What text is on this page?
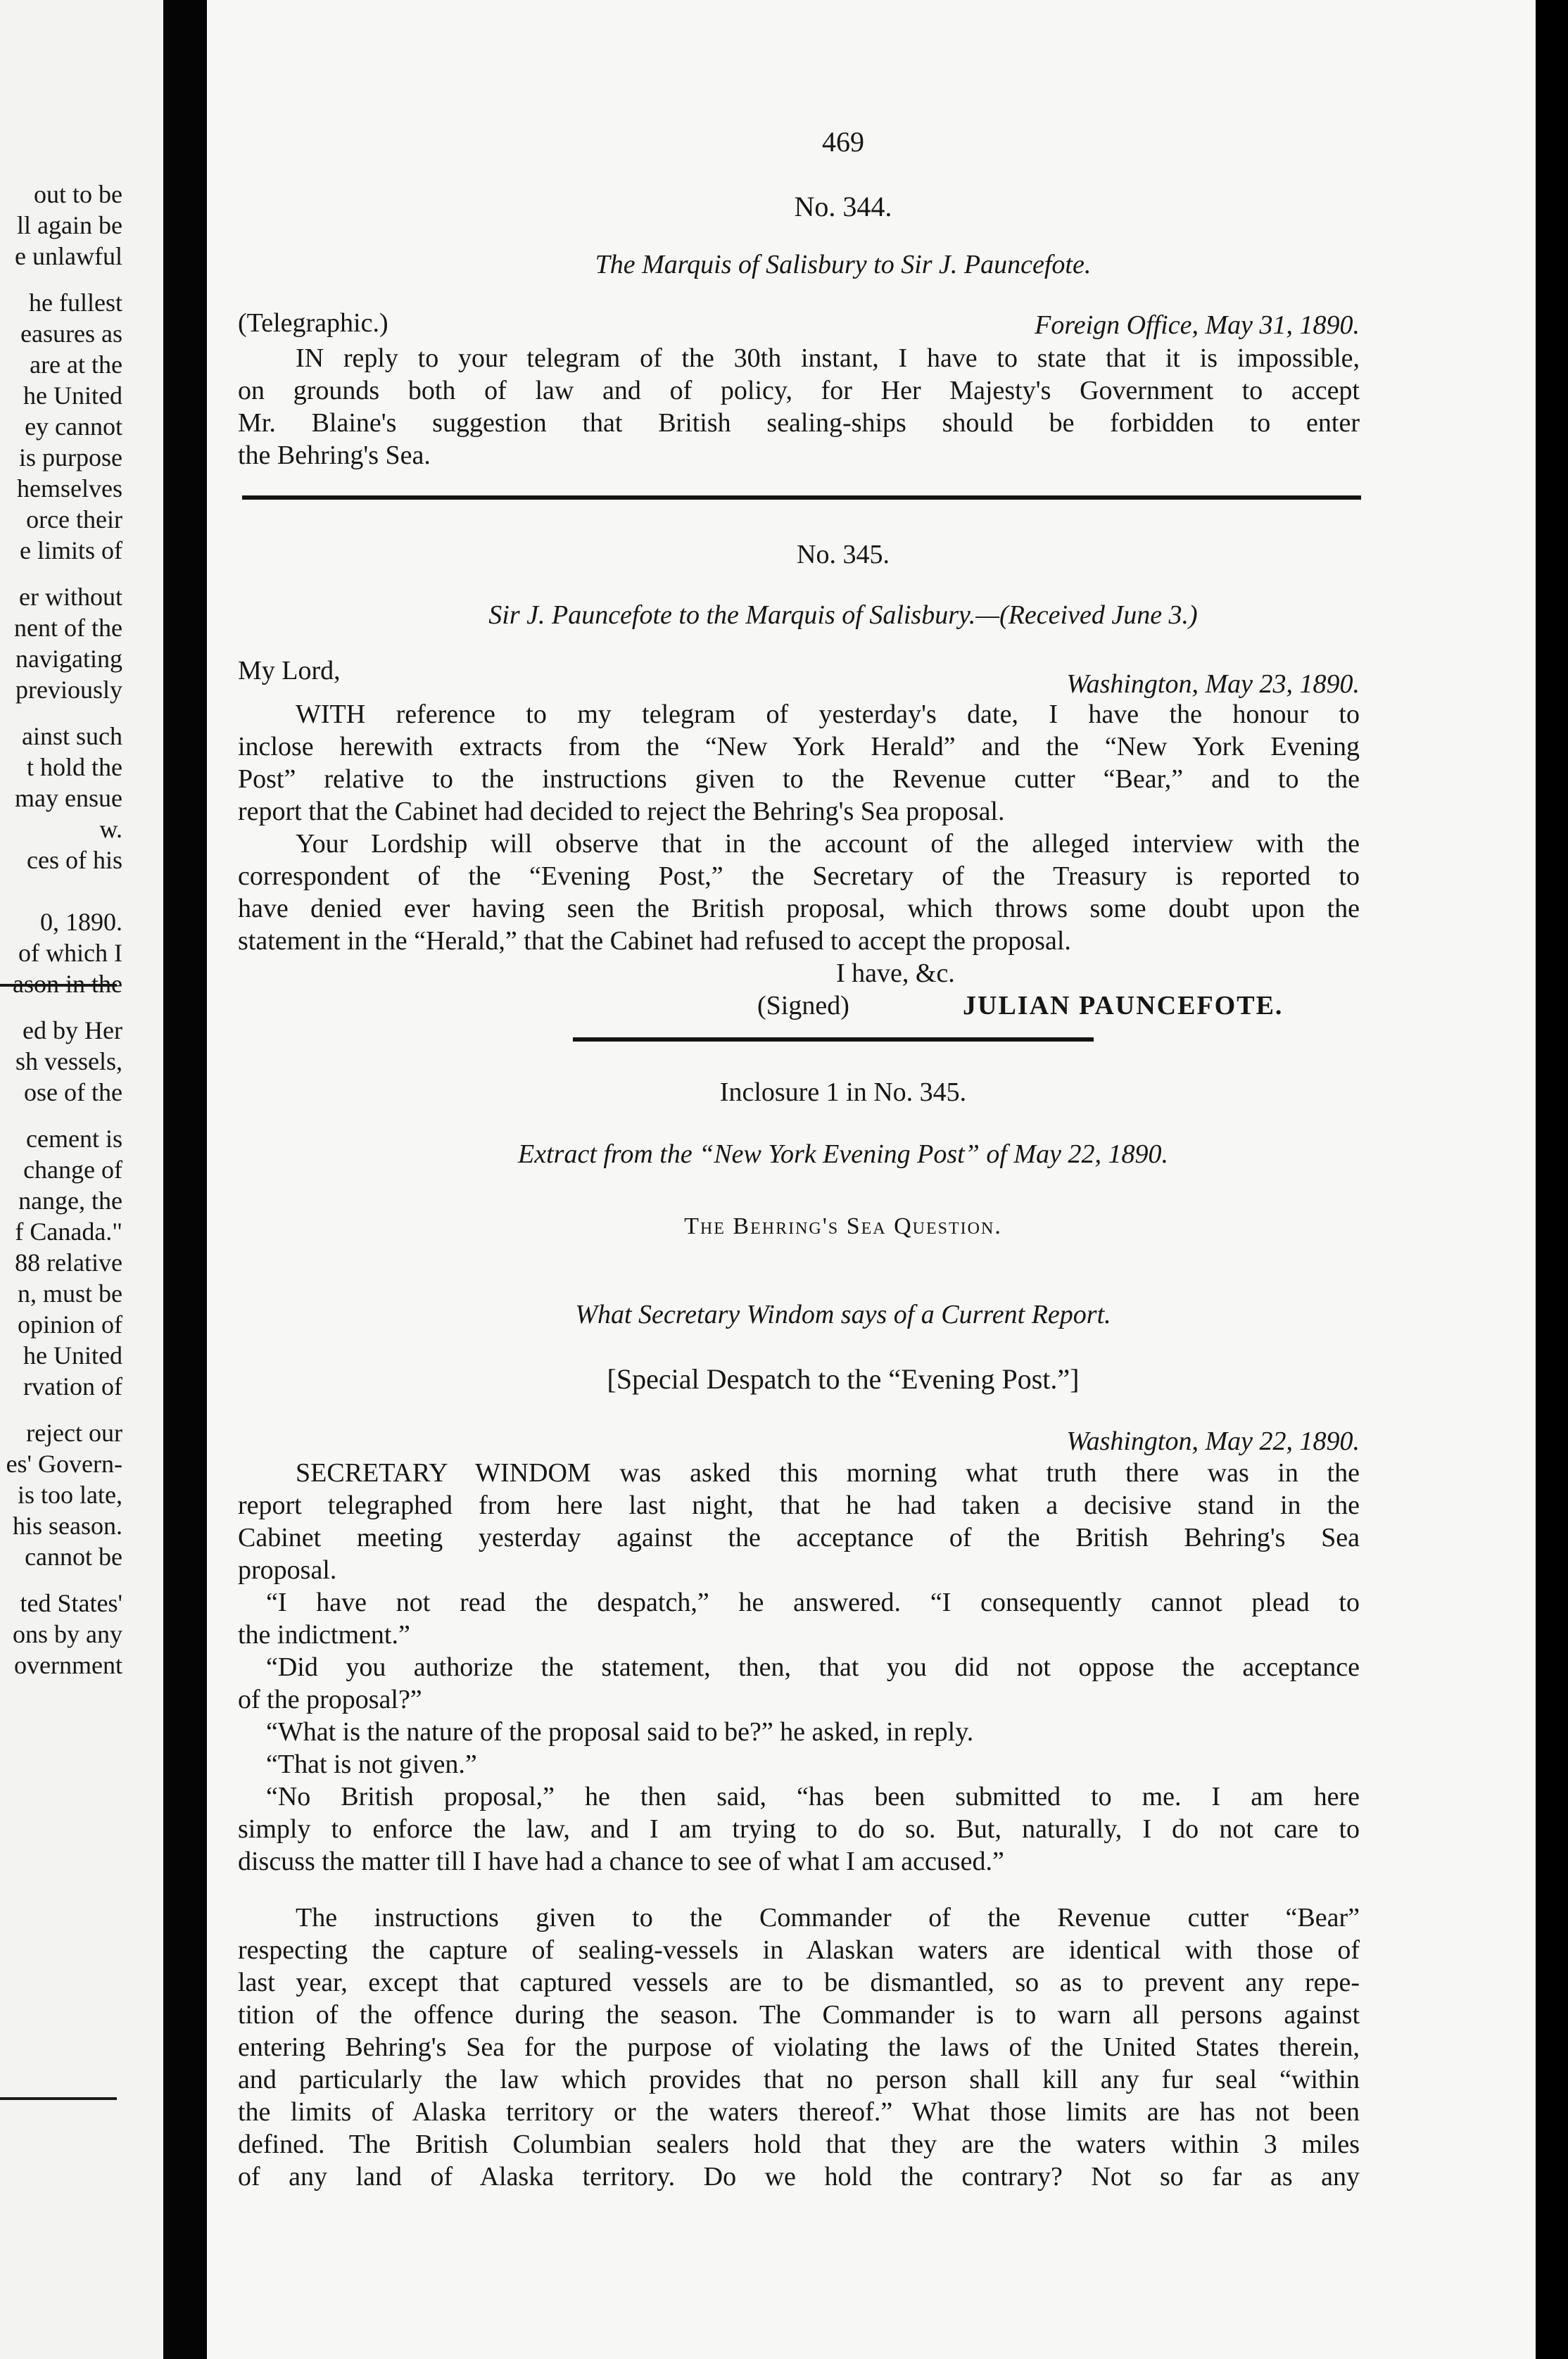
out to be
ll again be
e unlawful
he fullest
easures as
are at the
he United
ey cannot
is purpose
hemselves
orce their
e limits of
er without
nent of the
navigating
previously
ainst such
t hold the
may ensue
w.
ces of his
0, 1890.
of which I
ason in the
ed by Her
sh vessels,
ose of the
cement is
change of
nange, the
f Canada."
88 relative
n, must be
opinion of
he United
rvation of
reject our
es' Govern-
is too late,
his season.
cannot be
ted States'
ons by any
overnment
469
No. 344.
The Marquis of Salisbury to Sir J. Pauncefote.
(Telegraphic.)	Foreign Office, May 31, 1890.
IN reply to your telegram of the 30th instant, I have to state that it is impossible,
on grounds both of law and of policy, for Her Majesty's Government to accept
Mr. Blaine's suggestion that British sealing-ships should be forbidden to enter
the Behring's Sea.
No. 345.
Sir J. Pauncefote to the Marquis of Salisbury.—(Received June 3.)
My Lord,	Washington, May 23, 1890.
WITH reference to my telegram of yesterday's date, I have the honour to
inclose herewith extracts from the “New York Herald” and the “New York Evening
Post” relative to the instructions given to the Revenue cutter “Bear,” and to the
report that the Cabinet had decided to reject the Behring's Sea proposal.
Your Lordship will observe that in the account of the alleged interview with the
correspondent of the “Evening Post,” the Secretary of the Treasury is reported to
have denied ever having seen the British proposal, which throws some doubt upon the
statement in the “Herald,” that the Cabinet had refused to accept the proposal.
I have, &c.
(Signed)	JULIAN PAUNCEFOTE.
Inclosure 1 in No. 345.
Extract from the “New York Evening Post” of May 22, 1890.
The Behring's Sea Question.
What Secretary Windom says of a Current Report.
[Special Despatch to the “Evening Post.”]
Washington, May 22, 1890.
SECRETARY WINDOM was asked this morning what truth there was in the
report telegraphed from here last night, that he had taken a decisive stand in the
Cabinet meeting yesterday against the acceptance of the British Behring's Sea
proposal.
“I have not read the despatch,” he answered. “I consequently cannot plead to
the indictment.”
“Did you authorize the statement, then, that you did not oppose the acceptance
of the proposal?”
“What is the nature of the proposal said to be?” he asked, in reply.
“That is not given.”
“No British proposal,” he then said, “has been submitted to me. I am here
simply to enforce the law, and I am trying to do so. But, naturally, I do not care to
discuss the matter till I have had a chance to see of what I am accused.”
The instructions given to the Commander of the Revenue cutter “Bear”
respecting the capture of sealing-vessels in Alaskan waters are identical with those of
last year, except that captured vessels are to be dismantled, so as to prevent any repe-
tition of the offence during the season. The Commander is to warn all persons against
entering Behring's Sea for the purpose of violating the laws of the United States therein,
and particularly the law which provides that no person shall kill any fur seal “within
the limits of Alaska territory or the waters thereof.” What those limits are has not been
defined. The British Columbian sealers hold that they are the waters within 3 miles
of any land of Alaska territory. Do we hold the contrary? Not so far as any
